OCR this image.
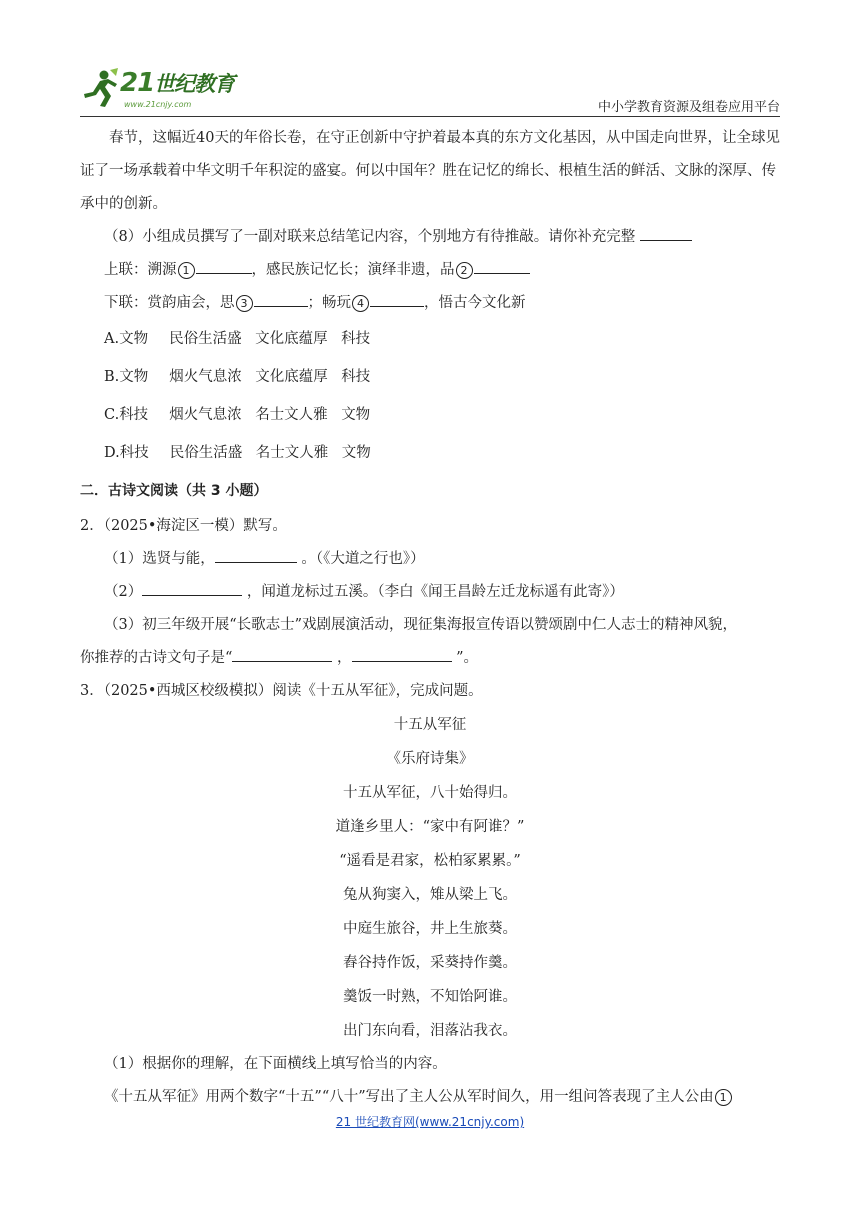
21世纪教育
www.21cnjy.com	中小学教育资源及组卷应用平台

春节，这幅近40天的年俗长卷，在守正创新中守护着最本真的东方文化基因，从中国走向世界，让全球见证了一场承载着中华文明千年积淀的盛宴。何以中国年？胜在记忆的绵长、根植生活的鲜活、文脉的深厚、传承中的创新。

（8）小组成员撰写了一副对联来总结笔记内容，个别地方有待推敲。请你补充完整

上联：溯源 1	，感民族记忆长；演绎非遗，品 2

下联：赏韵庙会，思 3	；畅玩 4	，悟古今文化新

A.文物 民俗生活盛 文化底蕴厚 科技

B.文物 烟火气息浓 文化底蕴厚 科技

C.科技 烟火气息浓 名士文人雅 文物

D.科技 民俗生活盛 名士文人雅 文物

二．古诗文阅读（共 3 小题）

2．（2025•海淀区一模）默写。

（1）选贤与能，	。（《大道之行也》）

（2）	，闻道龙标过五溪。（李白《闻王昌龄左迁龙标遥有此寄》）

（3）初三年级开展“长歌志士”戏剧展演活动，现征集海报宣传语以赞颂剧中仁人志士的精神风貌，

你推荐的古诗文句子是“	，	”。

3．（2025•西城区校级模拟）阅读《十五从军征》，完成问题。

十五从军征

《乐府诗集》

十五从军征，八十始得归。

道逢乡里人：“家中有阿谁？”

“遥看是君家，松柏冢累累。”

兔从狗窦入，雉从梁上飞。

中庭生旅谷，井上生旅葵。

舂谷持作饭，采葵持作羹。

羹饭一时熟，不知饴阿谁。

出门东向看，泪落沾我衣。

（1）根据你的理解，在下面横线上填写恰当的内容。

《十五从军征》用两个数字“十五”“八十”写出了主人公从军时间久，用一组问答表现了主人公由 1

21 世纪教育网(www.21cnjy.com)
